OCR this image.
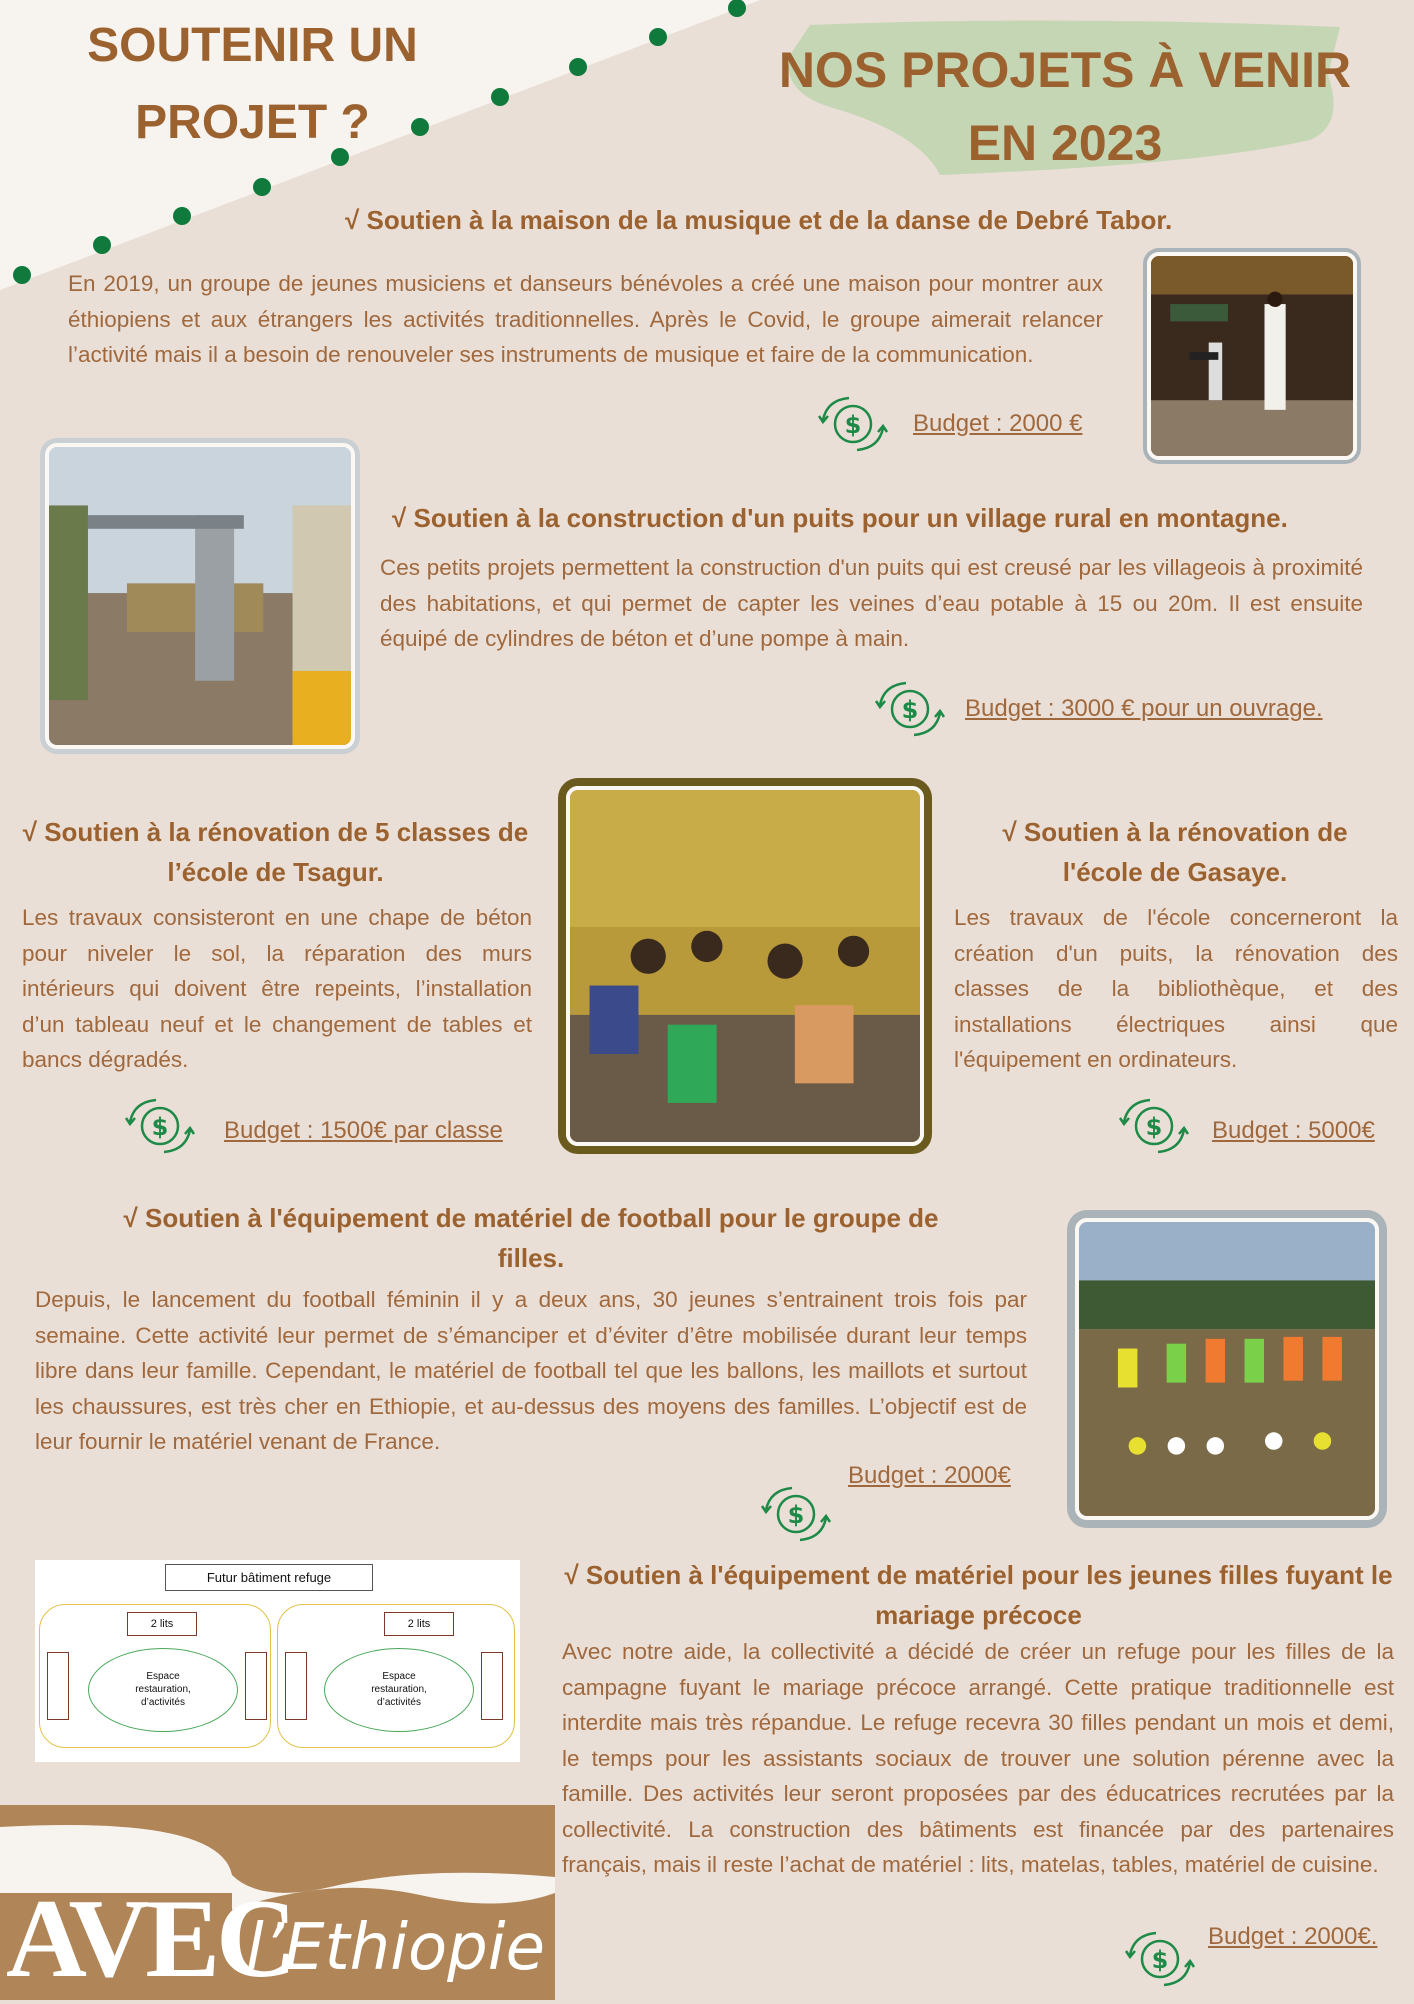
SOUTENIR UN PROJET ?
NOS PROJETS À VENIR EN 2023
√ Soutien à la maison de la musique et de la danse de Debré Tabor.
En 2019, un groupe de jeunes musiciens et danseurs bénévoles a créé une maison pour montrer aux éthiopiens et aux étrangers les activités traditionnelles. Après le Covid, le groupe aimerait relancer l’activité mais il a besoin de renouveler ses instruments de musique et faire de la communication.
$ Budget : 2000 €
√ Soutien à la construction d'un puits pour un village rural en montagne.
Ces petits projets permettent la construction d'un puits qui est creusé par les villageois à proximité des habitations, et qui permet de capter les veines d’eau potable à 15 ou 20m. Il est ensuite équipé de cylindres de béton et d’une pompe à main.
$ Budget : 3000 € pour un ouvrage.
√ Soutien à la rénovation de 5 classes de l’école de Tsagur.
Les travaux consisteront en une chape de béton pour niveler le sol, la réparation des murs intérieurs qui doivent être repeints, l’installation d’un tableau neuf et le changement de tables et bancs dégradés.
$ Budget : 1500€ par classe
√ Soutien à la rénovation de l'école de Gasaye.
Les travaux de l'école concerneront la création d'un puits, la rénovation des classes de la bibliothèque, et des installations électriques ainsi que l'équipement en ordinateurs.
$ Budget : 5000€
√ Soutien à l'équipement de matériel de football pour le groupe de filles.
Depuis, le lancement du football féminin il y a deux ans, 30 jeunes s’entrainent trois fois par semaine. Cette activité leur permet de s’émanciper et d’éviter d’être mobilisée durant leur temps libre dans leur famille. Cependant, le matériel de football tel que les ballons, les maillots et surtout les chaussures, est très cher en Ethiopie, et au-dessus des moyens des familles. L’objectif est de leur fournir le matériel venant de France.
Budget : 2000€
$
Futur bâtiment refuge
2 lits	2 lits
Espace
restauration,
d’activités
Espace
restauration,
d’activités
√ Soutien à l'équipement de matériel pour les jeunes filles fuyant le mariage précoce
Avec notre aide, la collectivité a décidé de créer un refuge pour les filles de la campagne fuyant le mariage précoce arrangé. Cette pratique traditionnelle est interdite mais très répandue. Le refuge recevra 30 filles pendant un mois et demi, le temps pour les assistants sociaux de trouver une solution pérenne avec la famille. Des activités leur seront proposées par des éducatrices recrutées par la collectivité. La construction des bâtiments est financée par des partenaires français, mais il reste l’achat de matériel : lits, matelas, tables, matériel de cuisine.
$
Budget : 2000€.
AVEC
l’Ethiopie
